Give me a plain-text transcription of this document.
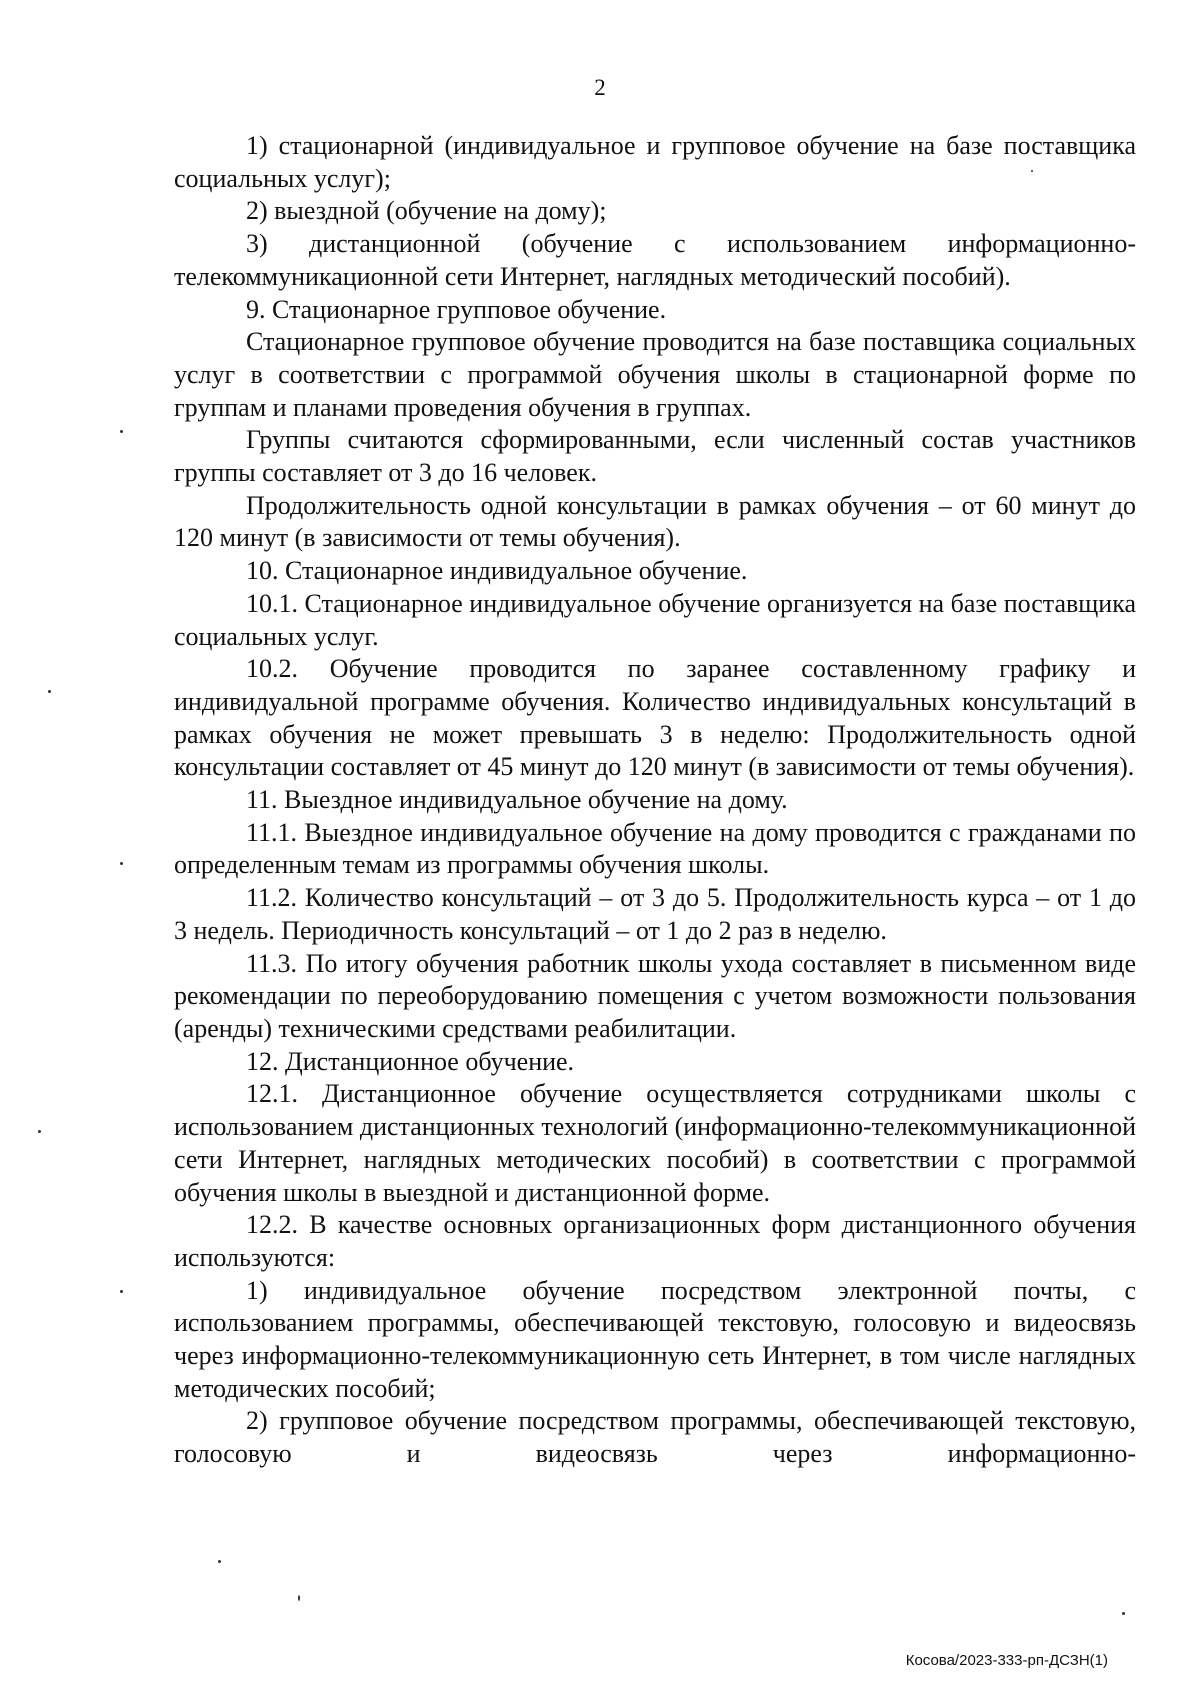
2

1) стационарной (индивидуальное и групповое обучение на базе поставщика социальных услуг);

2) выездной (обучение на дому);

3) дистанционной (обучение с использованием информационно-телекоммуникационной сети Интернет, наглядных методический пособий).

9. Стационарное групповое обучение.

Стационарное групповое обучение проводится на базе поставщика социальных услуг в соответствии с программой обучения школы в стационарной форме по группам и планами проведения обучения в группах.

Группы считаются сформированными, если численный состав участников группы составляет от 3 до 16 человек.

Продолжительность одной консультации в рамках обучения – от 60 минут до 120 минут (в зависимости от темы обучения).

10. Стационарное индивидуальное обучение.

10.1. Стационарное индивидуальное обучение организуется на базе поставщика социальных услуг.

10.2. Обучение проводится по заранее составленному графику и индивидуальной программе обучения. Количество индивидуальных консультаций в рамках обучения не может превышать 3 в неделю: Продолжительность одной консультации составляет от 45 минут до 120 минут (в зависимости от темы обучения).

11. Выездное индивидуальное обучение на дому.

11.1. Выездное индивидуальное обучение на дому проводится с гражданами по определенным темам из программы обучения школы.

11.2. Количество консультаций – от 3 до 5. Продолжительность курса – от 1 до 3 недель. Периодичность консультаций – от 1 до 2 раз в неделю.

11.3. По итогу обучения работник школы ухода составляет в письменном виде рекомендации по переоборудованию помещения с учетом возможности пользования (аренды) техническими средствами реабилитации.

12. Дистанционное обучение.

12.1. Дистанционное обучение осуществляется сотрудниками школы с использованием дистанционных технологий (информационно-телекоммуникационной сети Интернет, наглядных методических пособий) в соответствии с программой обучения школы в выездной и дистанционной форме.

12.2. В качестве основных организационных форм дистанционного обучения используются:

1) индивидуальное обучение посредством электронной почты, с использованием программы, обеспечивающей текстовую, голосовую и видеосвязь через информационно-телекоммуникационную сеть Интернет, в том числе наглядных методических пособий;

2) групповое обучение посредством программы, обеспечивающей текстовую, голосовую и видеосвязь через информационно-

Косова/2023-333-рп-ДСЗН(1)
